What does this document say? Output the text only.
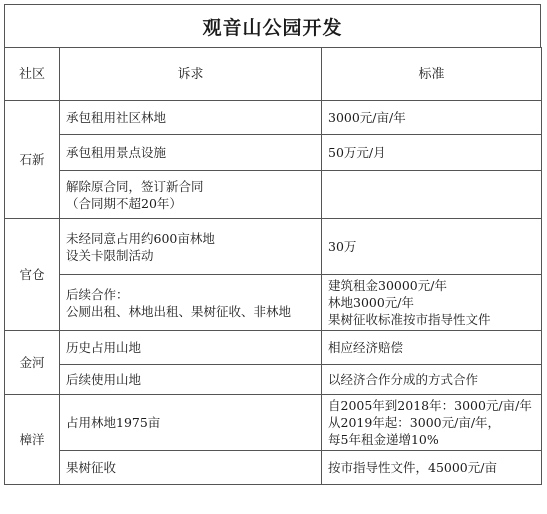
观音山公园开发
社区	诉求	标准
石新	承包租用社区林地	3000元/亩/年

	承包租用景点设施	50万元/月

	解除原合同，签订新合同
（合同期不超20年）	

官仓	未经同意占用约600亩林地
设关卡限制活动	30万

	后续合作：
公厕出租、林地出租、果树征收、非林地	建筑租金30000元/年
林地3000元/年
果树征收标准按市指导性文件

金河	历史占用山地	相应经济赔偿

	后续使用山地	以经济合作分成的方式合作

樟洋	占用林地1975亩	自2005年到2018年：3000元/亩/年
从2019年起：3000元/亩/年，
每5年租金递增10%

	果树征收	按市指导性文件，45000元/亩
